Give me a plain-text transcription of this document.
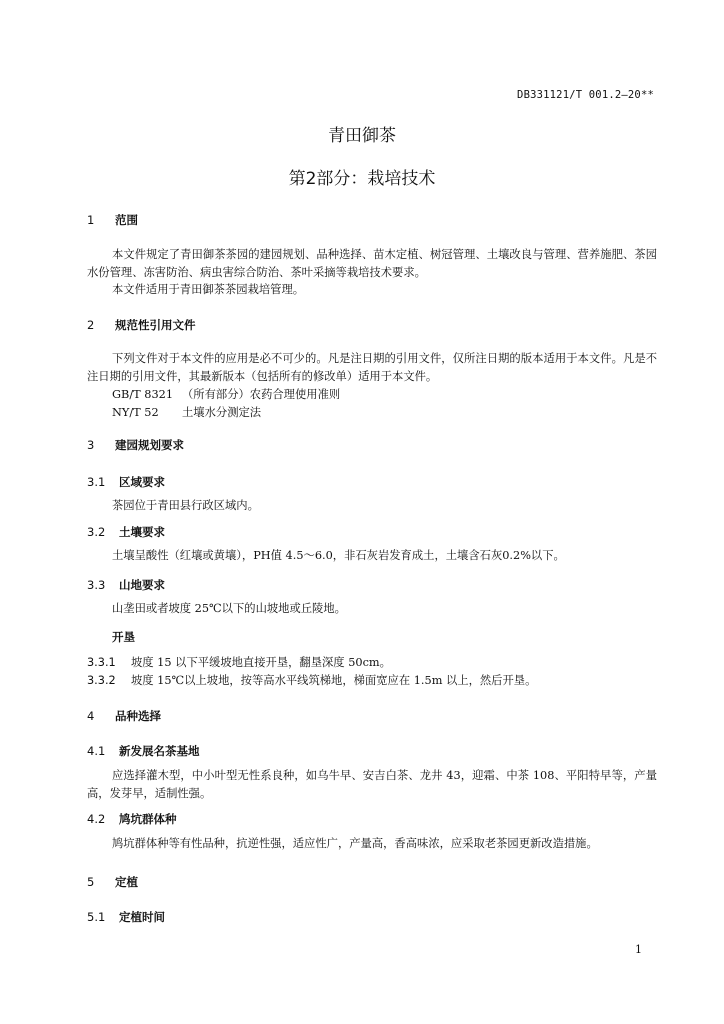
DB331121/T 001.2—20**
青田御茶
第2部分：栽培技术
1 范围
本文件规定了青田御茶茶园的建园规划、品种选择、苗木定植、树冠管理、土壤改良与管理、营养施肥、茶园水份管理、冻害防治、病虫害综合防治、茶叶采摘等栽培技术要求。
本文件适用于青田御茶茶园栽培管理。
2 规范性引用文件
下列文件对于本文件的应用是必不可少的。凡是注日期的引用文件，仅所注日期的版本适用于本文件。凡是不注日期的引用文件，其最新版本（包括所有的修改单）适用于本文件。
GB/T 8321 （所有部分）农药合理使用准则
NY/T 52 土壤水分测定法
3 建园规划要求
3.1 区域要求
茶园位于青田县行政区域内。
3.2 土壤要求
土壤呈酸性（红壤或黄壤），PH值 4.5～6.0，非石灰岩发育成土，土壤含石灰0.2%以下。
3.3 山地要求
山垄田或者坡度 25℃以下的山坡地或丘陵地。
开垦
3.3.1 坡度 15 以下平缓坡地直接开垦，翻垦深度 50cm。
3.3.2 坡度 15℃以上坡地，按等高水平线筑梯地，梯面宽应在 1.5m 以上，然后开垦。
4 品种选择
4.1 新发展名茶基地
应选择灌木型，中小叶型无性系良种，如乌牛早、安吉白茶、龙井 43，迎霜、中茶 108、平阳特早等，产量高，发芽早，适制性强。
4.2 鸠坑群体种
鸠坑群体种等有性品种，抗逆性强，适应性广，产量高，香高味浓，应采取老茶园更新改造措施。
5 定植
5.1 定植时间
1
